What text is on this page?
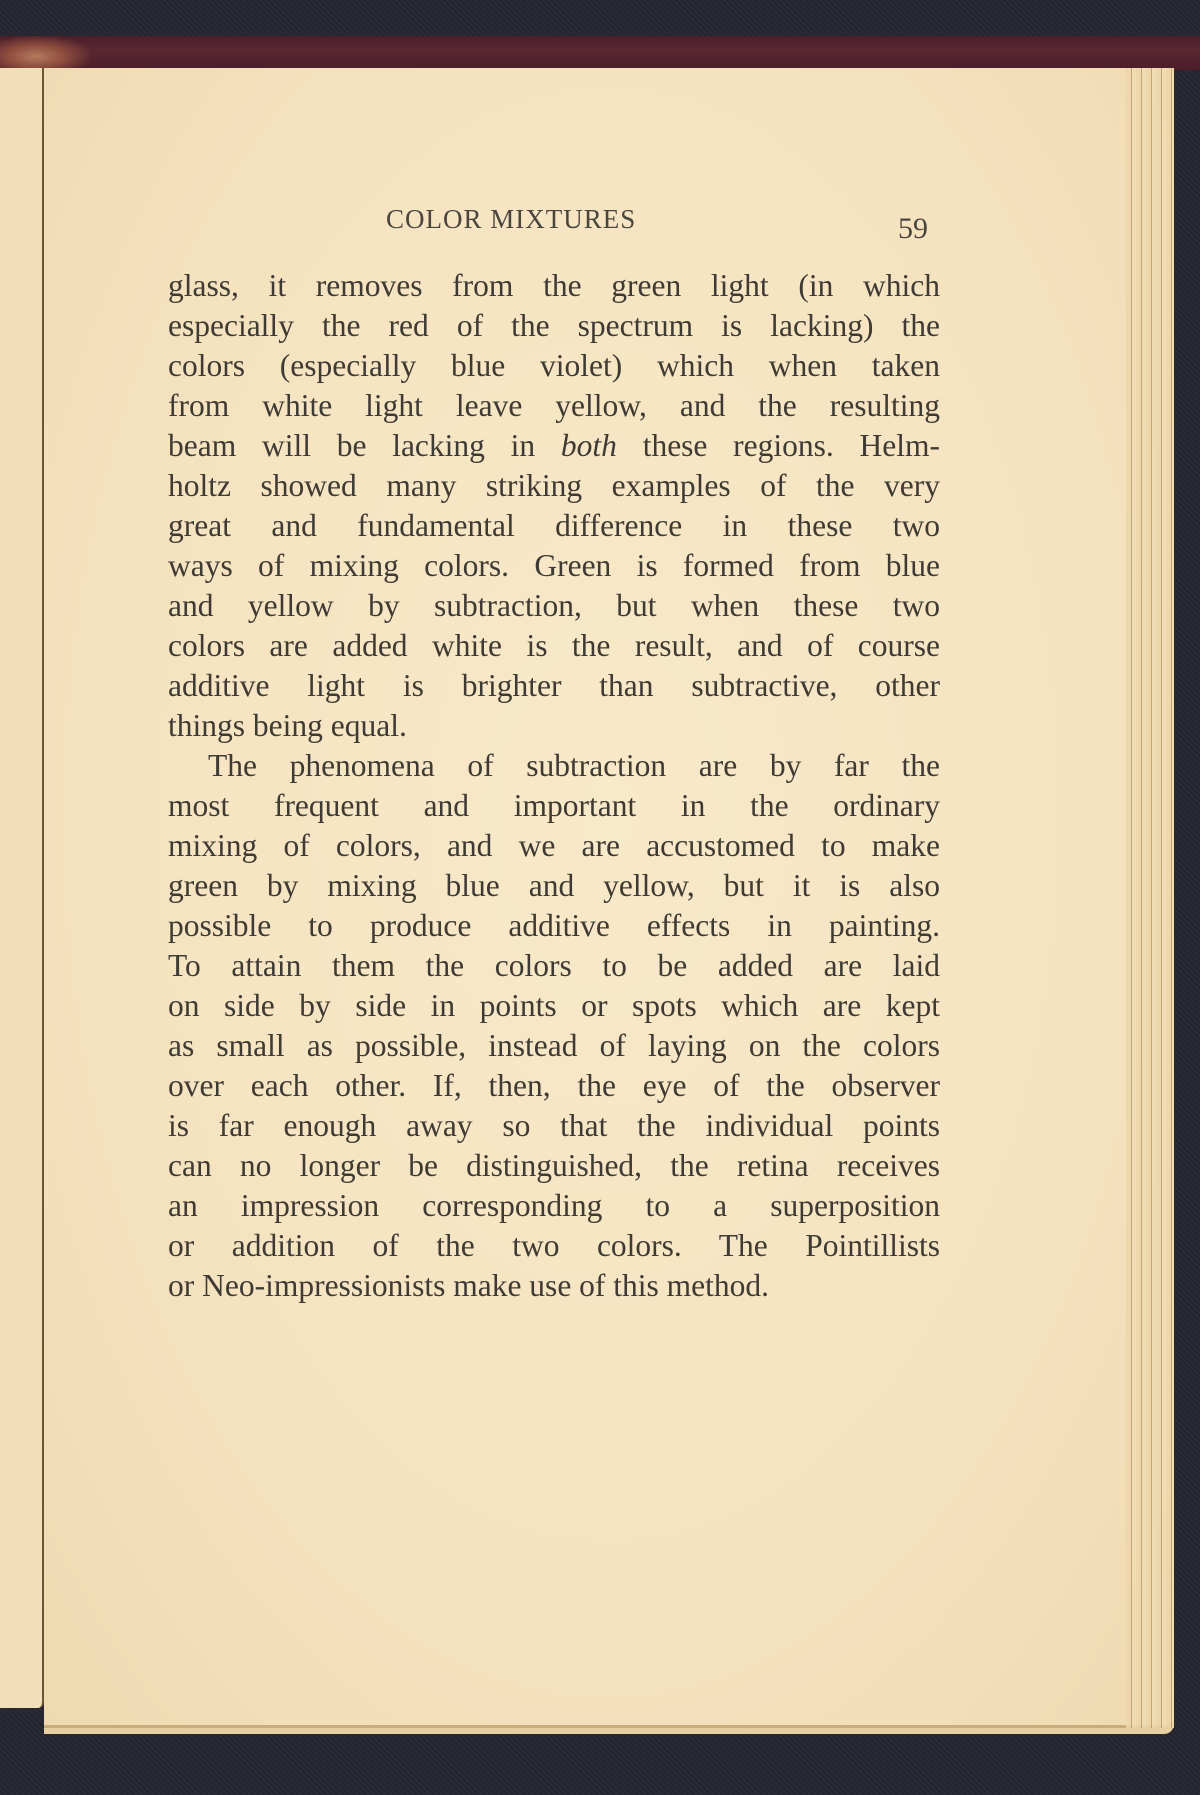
COLOR MIXTURES	59
glass, it removes from the green light (in which
especially the red of the spectrum is lacking) the
colors (especially blue violet) which when taken
from white light leave yellow, and the resulting
beam will be lacking in both these regions. Helm-
holtz showed many striking examples of the very
great and fundamental difference in these two
ways of mixing colors. Green is formed from blue
and yellow by subtraction, but when these two
colors are added white is the result, and of course
additive light is brighter than subtractive, other
things being equal.
The phenomena of subtraction are by far the
most frequent and important in the ordinary
mixing of colors, and we are accustomed to make
green by mixing blue and yellow, but it is also
possible to produce additive effects in painting.
To attain them the colors to be added are laid
on side by side in points or spots which are kept
as small as possible, instead of laying on the colors
over each other. If, then, the eye of the observer
is far enough away so that the individual points
can no longer be distinguished, the retina receives
an impression corresponding to a superposition
or addition of the two colors. The Pointillists
or Neo-impressionists make use of this method.
